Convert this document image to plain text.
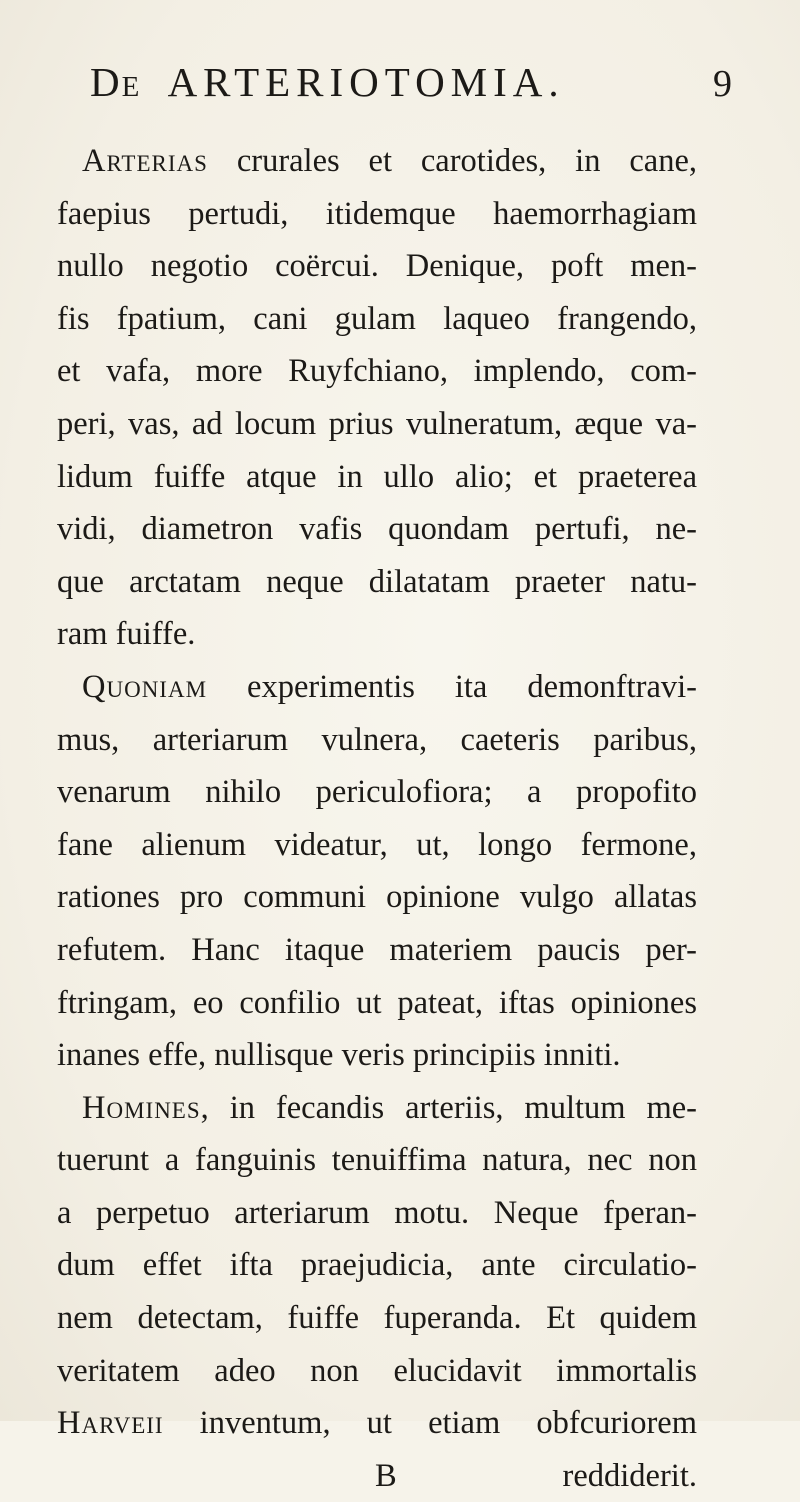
De ARTERIOTOMIA.	9
Arterias crurales et carotides, in cane,
faepius pertudi, itidemque haemorrhagiam
nullo negotio coërcui. Denique, poft men-
fis fpatium, cani gulam laqueo frangendo,
et vafa, more Ruyfchiano, implendo, com-
peri, vas, ad locum prius vulneratum, æque va-
lidum fuiffe atque in ullo alio; et praeterea
vidi, diametron vafis quondam pertufi, ne-
que arctatam neque dilatatam praeter natu-
ram fuiffe.
Quoniam experimentis ita demonftravi-
mus, arteriarum vulnera, caeteris paribus,
venarum nihilo periculofiora; a propofito
fane alienum videatur, ut, longo fermone,
rationes pro communi opinione vulgo allatas
refutem. Hanc itaque materiem paucis per-
ftringam, eo confilio ut pateat, iftas opiniones
inanes effe, nullisque veris principiis inniti.
Homines, in fecandis arteriis, multum me-
tuerunt a fanguinis tenuiffima natura, nec non
a perpetuo arteriarum motu. Neque fperan-
dum effet ifta praejudicia, ante circulatio-
nem detectam, fuiffe fuperanda. Et quidem
veritatem adeo non elucidavit immortalis
Harveii inventum, ut etiam obfcuriorem
B	reddiderit.
